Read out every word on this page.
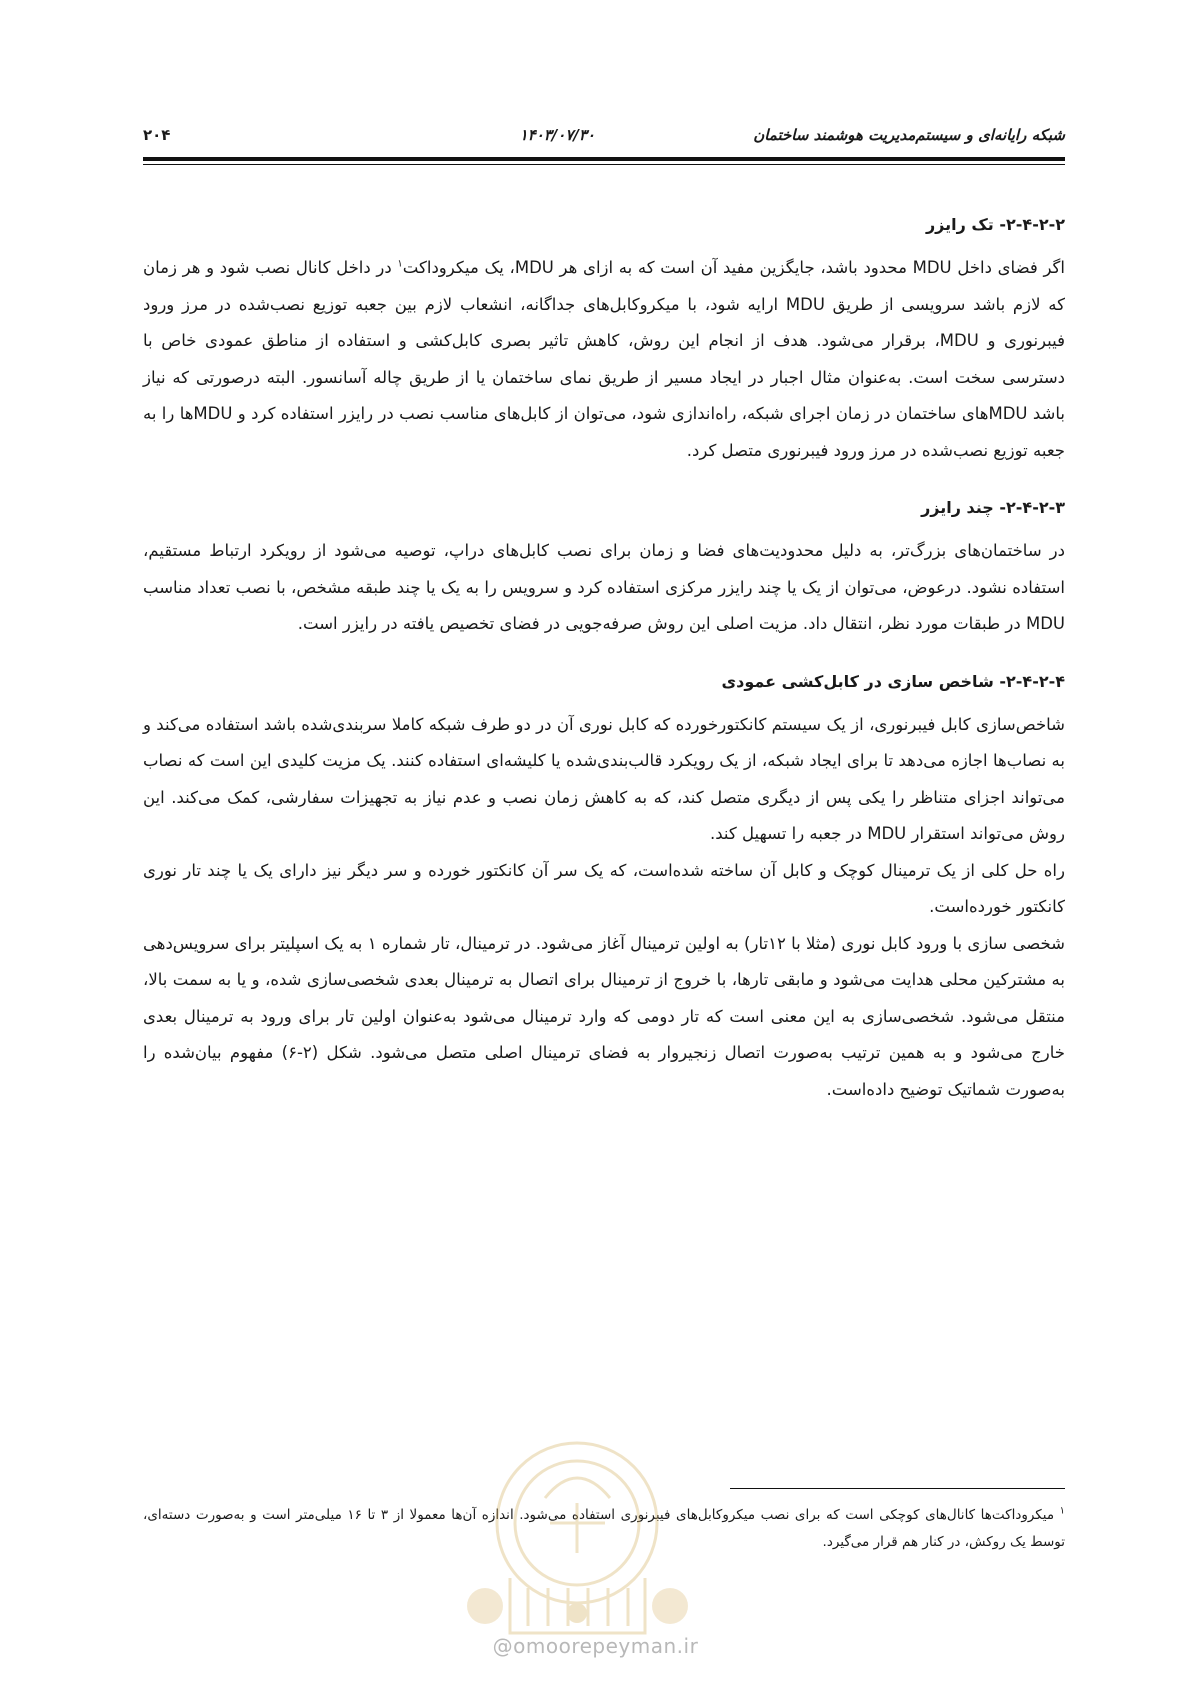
شبکه رایانه‌ای و سیستم‌مدیریت هوشمند ساختمان
۱۴۰۳/۰۷/۳۰
۲۰۴
۲-۴-۲-۲- تک رایزر

اگر فضای داخل MDU محدود باشد، جایگزین مفید آن است که به ازای هر MDU، یک میکروداکت$^۱$ در داخل کانال نصب شود و هر زمان که لازم باشد سرویسی از طریق MDU ارایه شود، با میکروکابل‌های جداگانه، انشعاب لازم بین جعبه توزیع نصب‌شده در مرز ورود فیبرنوری و MDU، برقرار می‌شود. هدف از انجام این روش، کاهش تاثیر بصری کابل‌کشی و استفاده از مناطق عمودی خاص با دسترسی سخت است. به‌عنوان مثال اجبار در ایجاد مسیر از طریق نمای ساختمان یا از طریق چاله آسانسور. البته درصورتی که نیاز باشد MDUهای ساختمان در زمان اجرای شبکه، راه‌اندازی شود، می‌توان از کابل‌های مناسب نصب در رایزر استفاده کرد و MDUها را به جعبه توزیع نصب‌شده در مرز ورود فیبرنوری متصل کرد.

۲-۴-۲-۳- چند رایزر

در ساختمان‌های بزرگ‌تر، به دلیل محدودیت‌های فضا و زمان برای نصب کابل‌های دراپ، توصیه می‌شود از رویکرد ارتباط مستقیم، استفاده نشود. درعوض، می‌توان از یک یا چند رایزر مرکزی استفاده کرد و سرویس را به یک یا چند طبقه مشخص، با نصب تعداد مناسب MDU در طبقات مورد نظر، انتقال داد. مزیت اصلی این روش صرفه‌جویی در فضای تخصیص یافته در رایزر است.

۲-۴-۲-۴- شاخص سازی در کابل‌کشی عمودی

شاخص‌سازی کابل فیبرنوری، از یک سیستم کانکتورخورده که کابل نوری آن در دو طرف شبکه کاملا سربندی‌شده باشد استفاده می‌کند و به نصاب‌ها اجازه می‌دهد تا برای ایجاد شبکه، از یک رویکرد قالب‌بندی‌شده یا کلیشه‌ای استفاده کنند. یک مزیت کلیدی این است که نصاب می‌تواند اجزای متناظر را یکی پس از دیگری متصل کند، که به کاهش زمان نصب و عدم نیاز به تجهیزات سفارشی، کمک می‌کند. این روش می‌تواند استقرار MDU در جعبه را تسهیل کند.

راه حل کلی از یک ترمینال کوچک و کابل آن ساخته شده‌است، که یک سر آن کانکتور خورده و سر دیگر نیز دارای یک یا چند تار نوری کانکتور خورده‌است.

شخصی سازی با ورود کابل نوری (مثلا با ۱۲تار) به اولین ترمینال آغاز می‌شود. در ترمینال، تار شماره ۱ به یک اسپلیتر برای سرویس‌دهی به مشترکین محلی هدایت می‌شود و مابقی تارها، با خروج از ترمینال برای اتصال به ترمینال بعدی شخصی‌سازی شده، و یا به سمت بالا، منتقل می‌شود. شخصی‌سازی به این معنی است که تار دومی که وارد ترمینال می‌شود به‌عنوان اولین تار برای ورود به ترمینال بعدی خارج می‌شود و به همین ترتیب به‌صورت اتصال زنجیروار به فضای ترمینال اصلی متصل می‌شود. شکل (۲-۶) مفهوم بیان‌شده را به‌صورت شماتیک توضیح داده‌است.

$^۱$ میکروداکت‌ها کانال‌های کوچکی است که برای نصب میکروکابل‌های فیبرنوری استفاده می‌شود. اندازه آن‌ها معمولا از ۳ تا ۱۶ میلی‌متر است و به‌صورت دسته‌ای، توسط یک روکش، در کنار هم قرار می‌گیرد.
@omoorepeyman.ir
